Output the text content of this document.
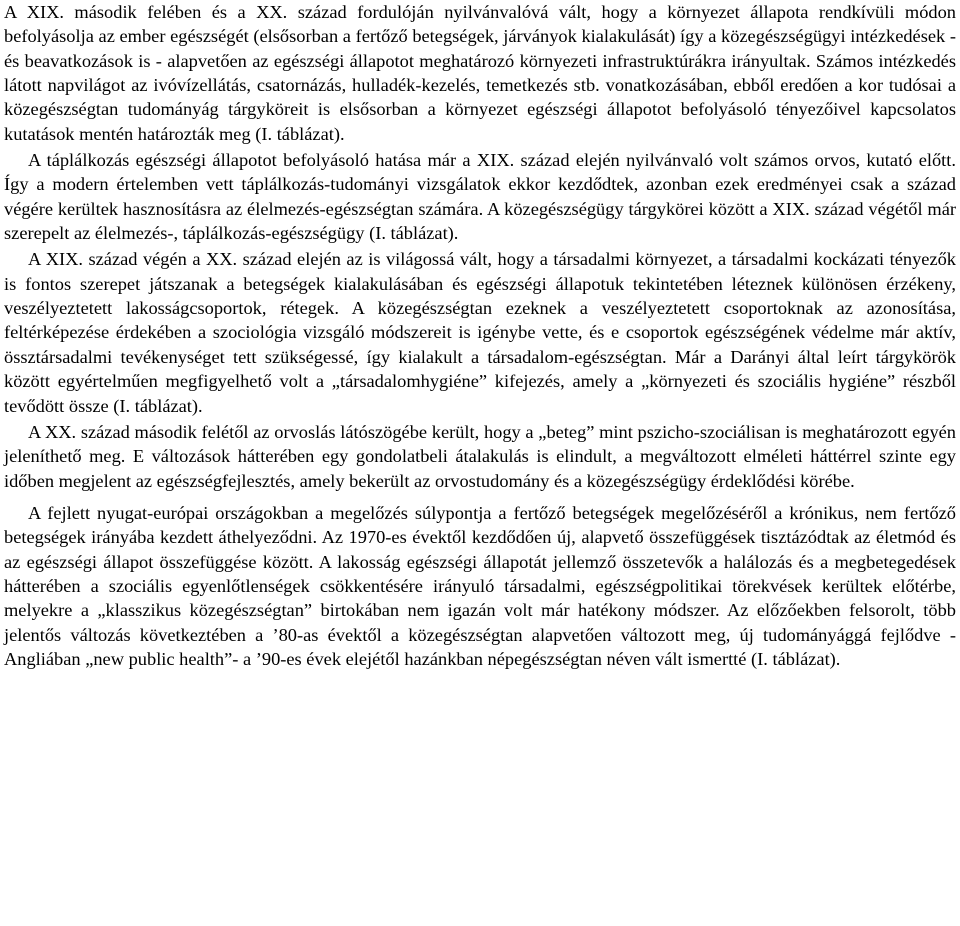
A XIX. második felében és a XX. század fordulóján nyilvánvalóvá vált, hogy a környezet állapota rendkívüli módon befolyásolja az ember egészségét (elsősorban a fertőző betegségek, járványok kialakulását) így a közegészségügyi intézkedések - és beavatkozások is - alapvetően az egészségi állapotot meghatározó környezeti infrastruktúrákra irányultak. Számos intézkedés látott napvilágot az ivóvízellátás, csatornázás, hulladék-kezelés, temetkezés stb. vonatkozásában, ebből eredően a kor tudósai a közegészségtan tudományág tárgyköreit is elsősorban a környezet egészségi állapotot befolyásoló tényezőivel kapcsolatos kutatások mentén határozták meg (I. táblázat).

A táplálkozás egészségi állapotot befolyásoló hatása már a XIX. század elején nyilvánvaló volt számos orvos, kutató előtt. Így a modern értelemben vett táplálkozás-tudományi vizsgálatok ekkor kezdődtek, azonban ezek eredményei csak a század végére kerültek hasznosításra az élelmezés-egészségtan számára. A közegészségügy tárgykörei között a XIX. század végétől már szerepelt az élelmezés-, táplálkozás-egészségügy (I. táblázat).

A XIX. század végén a XX. század elején az is világossá vált, hogy a társadalmi környezet, a társadalmi kockázati tényezők is fontos szerepet játszanak a betegségek kialakulásában és egészségi állapotuk tekintetében léteznek különösen érzékeny, veszélyeztetett lakosságcsoportok, rétegek. A közegészségtan ezeknek a veszélyeztetett csoportoknak az azonosítása, feltérképezése érdekében a szociológia vizsgáló módszereit is igénybe vette, és e csoportok egészségének védelme már aktív, össztársadalmi tevékenységet tett szükségessé, így kialakult a társadalom-egészségtan. Már a Darányi által leírt tárgykörök között egyértelműen megfigyelhető volt a „társadalomhygiéne” kifejezés, amely a „környezeti és szociális hygiéne” részből tevődött össze (I. táblázat).

A XX. század második felétől az orvoslás látószögébe került, hogy a „beteg” mint pszicho-szociálisan is meghatározott egyén jeleníthető meg. E változások hátterében egy gondolatbeli átalakulás is elindult, a megváltozott elméleti háttérrel szinte egy időben megjelent az egészségfejlesztés, amely bekerült az orvostudomány és a közegészségügy érdeklődési körébe.

A fejlett nyugat-európai országokban a megelőzés súlypontja a fertőző betegségek megelőzéséről a krónikus, nem fertőző betegségek irányába kezdett áthelyeződni. Az 1970-es évektől kezdődően új, alapvető összefüggések tisztázódtak az életmód és az egészségi állapot összefüggése között. A lakosság egészségi állapotát jellemző összetevők a halálozás és a megbetegedések hátterében a szociális egyenlőtlenségek csökkentésére irányuló társadalmi, egészségpolitikai törekvések kerültek előtérbe, melyekre a „klasszikus közegészségtan” birtokában nem igazán volt már hatékony módszer. Az előzőekben felsorolt, több jelentős változás következtében a ’80-as évektől a közegészségtan alapvetően változott meg, új tudományággá fejlődve - Angliában „new public health”- a ’90-es évek elejétől hazánkban népegészségtan néven vált ismertté (I. táblázat).
